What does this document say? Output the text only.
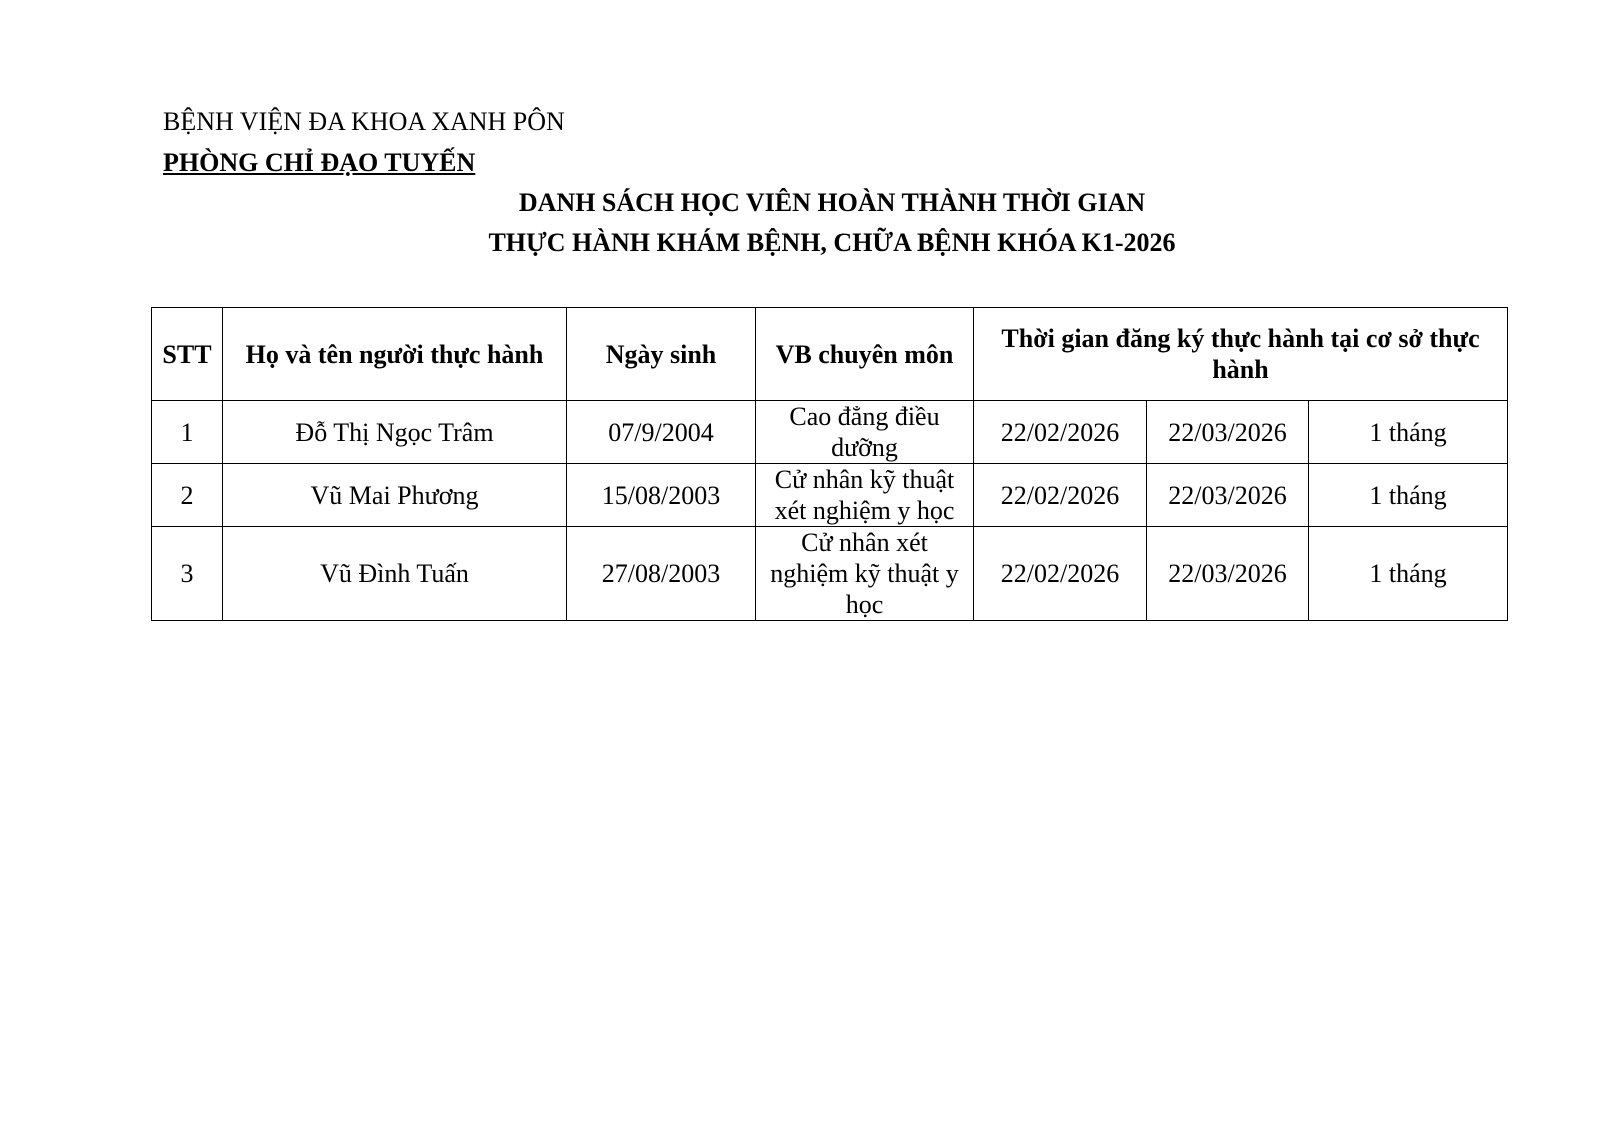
BỆNH VIỆN ĐA KHOA XANH PÔN
PHÒNG CHỈ ĐẠO TUYẾN
DANH SÁCH HỌC VIÊN HOÀN THÀNH THỜI GIAN
THỰC HÀNH KHÁM BỆNH, CHỮA BỆNH KHÓA K1-2026
STT	Họ và tên người thực hành	Ngày sinh	VB chuyên môn	Thời gian đăng ký thực hành tại cơ sở thực hành		
1	Đỗ Thị Ngọc Trâm	07/9/2004	Cao đẳng điều dưỡng	22/02/2026	22/03/2026	1 tháng
2	Vũ Mai Phương	15/08/2003	Cử nhân kỹ thuật xét nghiệm y học	22/02/2026	22/03/2026	1 tháng
3	Vũ Đình Tuấn	27/08/2003	Cử nhân xét nghiệm kỹ thuật y học	22/02/2026	22/03/2026	1 tháng
